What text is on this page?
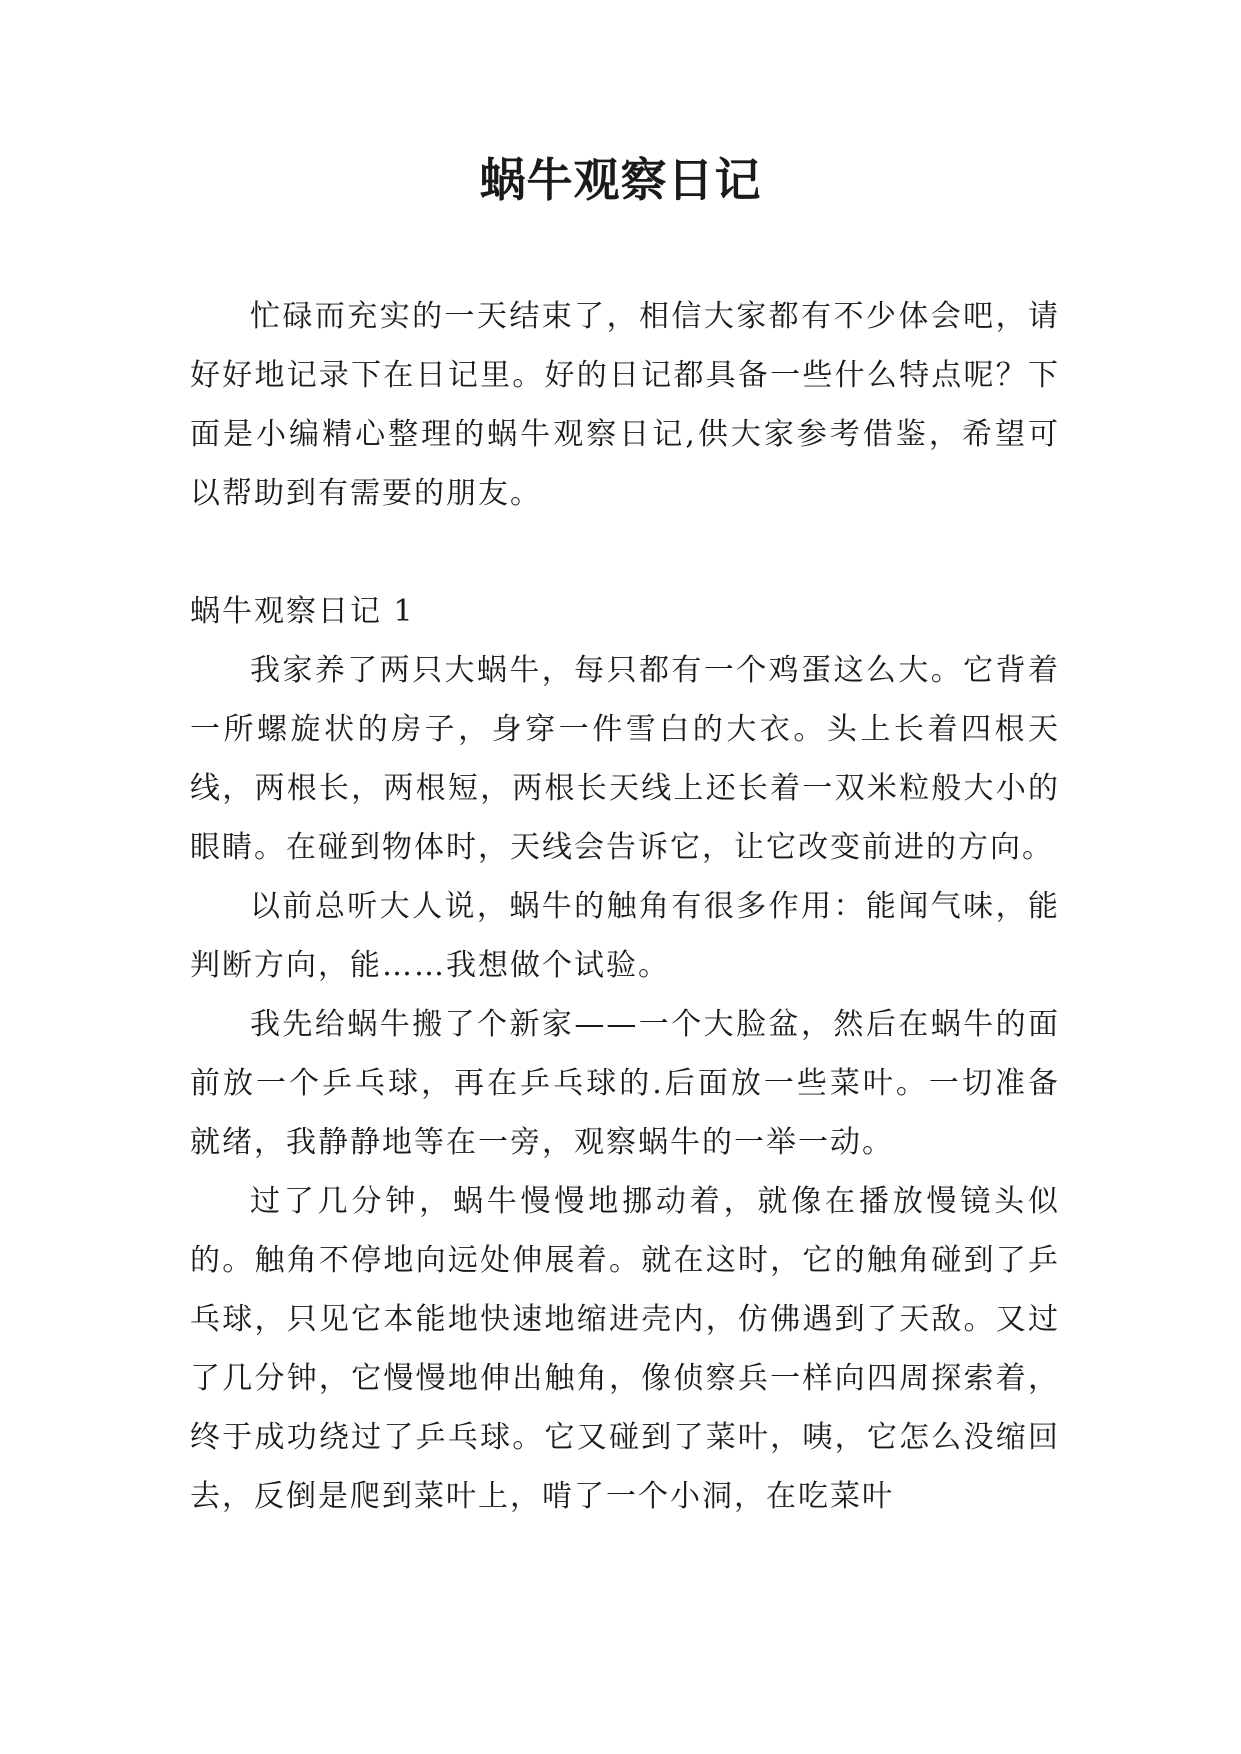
蜗牛观察日记

忙碌而充实的一天结束了，相信大家都有不少体会吧，请好好地记录下在日记里。好的日记都具备一些什么特点呢？下面是小编精心整理的蜗牛观察日记,供大家参考借鉴，希望可以帮助到有需要的朋友。

蜗牛观察日记 1

我家养了两只大蜗牛，每只都有一个鸡蛋这么大。它背着一所螺旋状的房子，身穿一件雪白的大衣。头上长着四根天线，两根长，两根短，两根长天线上还长着一双米粒般大小的眼睛。在碰到物体时，天线会告诉它，让它改变前进的方向。

以前总听大人说，蜗牛的触角有很多作用：能闻气味，能判断方向，能……我想做个试验。

我先给蜗牛搬了个新家——一个大脸盆，然后在蜗牛的面前放一个乒乓球，再在乒乓球的.后面放一些菜叶。一切准备就绪，我静静地等在一旁，观察蜗牛的一举一动。

过了几分钟，蜗牛慢慢地挪动着，就像在播放慢镜头似的。触角不停地向远处伸展着。就在这时，它的触角碰到了乒乓球，只见它本能地快速地缩进壳内，仿佛遇到了天敌。又过了几分钟，它慢慢地伸出触角，像侦察兵一样向四周探索着，终于成功绕过了乒乓球。它又碰到了菜叶，咦，它怎么没缩回去，反倒是爬到菜叶上，啃了一个小洞，在吃菜叶
